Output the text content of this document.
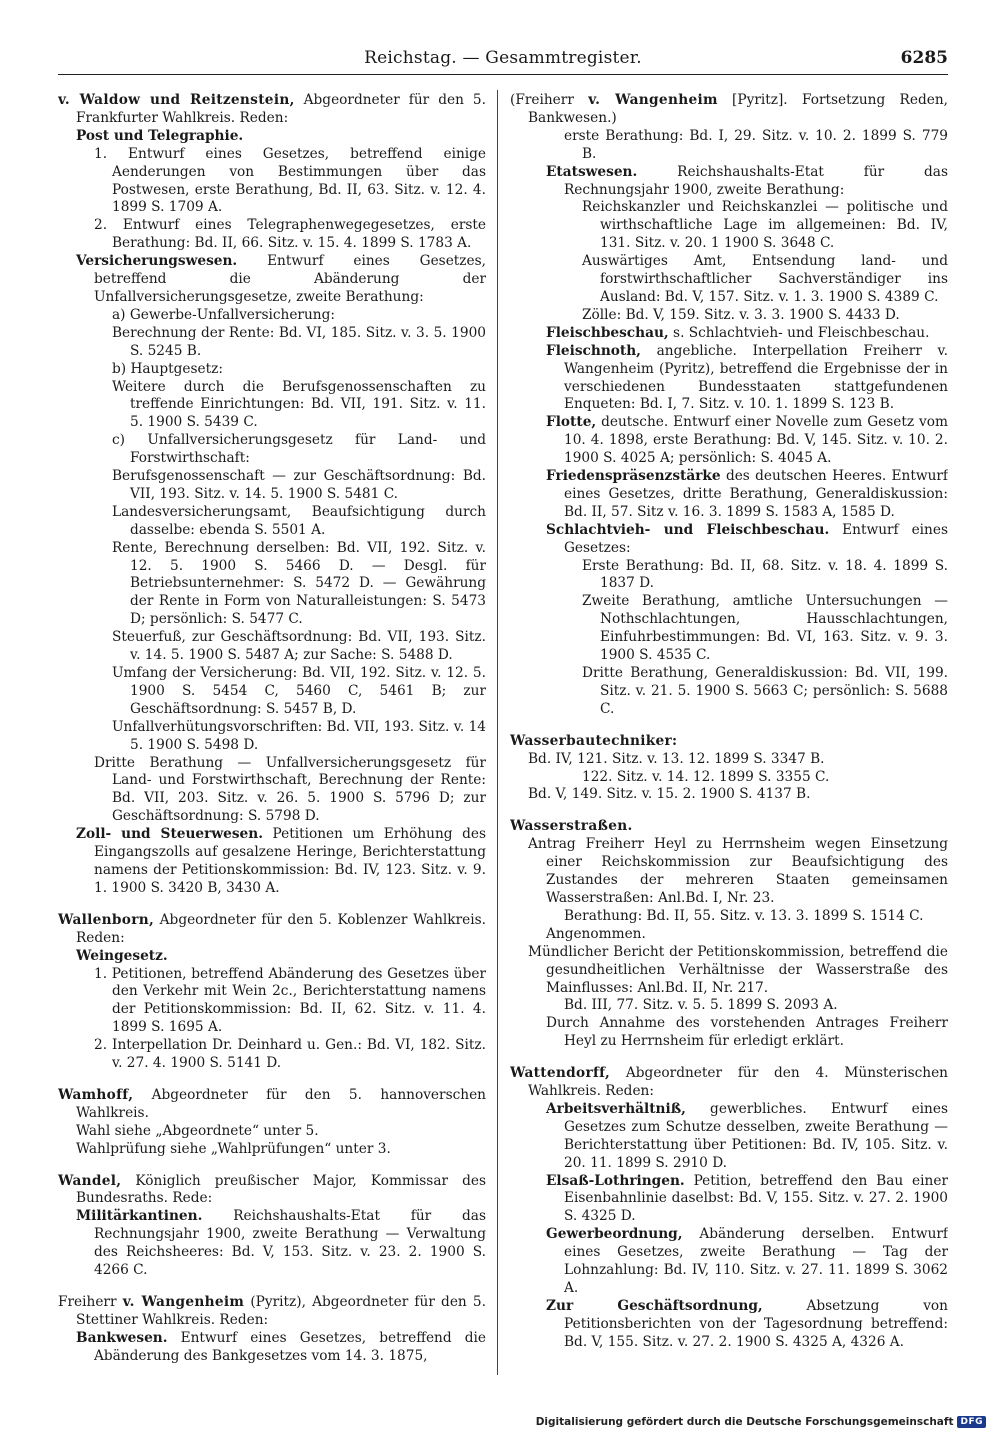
Reichstag. — Gesammtregister.	6285
v. Waldow und Reitzenstein, Abgeordneter für den 5. Frankfurter Wahlkreis. Reden:
Post und Telegraphie.
1. Entwurf eines Gesetzes, betreffend einige Aenderungen von Bestimmungen über das Postwesen, erste Berathung, Bd. II, 63. Sitz. v. 12. 4. 1899 S. 1709 A.
2. Entwurf eines Telegraphenwegegesetzes, erste Berathung: Bd. II, 66. Sitz. v. 15. 4. 1899 S. 1783 A.
Versicherungswesen. Entwurf eines Gesetzes, betreffend die Abänderung der Unfallversicherungsgesetze, zweite Berathung:
a) Gewerbe-Unfallversicherung:
Berechnung der Rente: Bd. VI, 185. Sitz. v. 3. 5. 1900 S. 5245 B.
b) Hauptgesetz:
Weitere durch die Berufsgenossenschaften zu treffende Einrichtungen: Bd. VII, 191. Sitz. v. 11. 5. 1900 S. 5439 C.
c) Unfallversicherungsgesetz für Land- und Forstwirthschaft:
Berufsgenossenschaft — zur Geschäftsordnung: Bd. VII, 193. Sitz. v. 14. 5. 1900 S. 5481 C.
Landesversicherungsamt, Beaufsichtigung durch dasselbe: ebenda S. 5501 A.
Rente, Berechnung derselben: Bd. VII, 192. Sitz. v. 12. 5. 1900 S. 5466 D. — Desgl. für Betriebsunternehmer: S. 5472 D. — Gewährung der Rente in Form von Naturalleistungen: S. 5473 D; persönlich: S. 5477 C.
Steuerfuß, zur Geschäftsordnung: Bd. VII, 193. Sitz. v. 14. 5. 1900 S. 5487 A; zur Sache: S. 5488 D.
Umfang der Versicherung: Bd. VII, 192. Sitz. v. 12. 5. 1900 S. 5454 C, 5460 C, 5461 B; zur Geschäftsordnung: S. 5457 B, D.
Unfallverhütungsvorschriften: Bd. VII, 193. Sitz. v. 14 5. 1900 S. 5498 D.
Dritte Berathung — Unfallversicherungsgesetz für Land- und Forstwirthschaft, Berechnung der Rente: Bd. VII, 203. Sitz. v. 26. 5. 1900 S. 5796 D; zur Geschäftsordnung: S. 5798 D.
Zoll- und Steuerwesen. Petitionen um Erhöhung des Eingangszolls auf gesalzene Heringe, Berichterstattung namens der Petitionskommission: Bd. IV, 123. Sitz. v. 9. 1. 1900 S. 3420 B, 3430 A.
Wallenborn, Abgeordneter für den 5. Koblenzer Wahlkreis. Reden:
Weingesetz.
1. Petitionen, betreffend Abänderung des Gesetzes über den Verkehr mit Wein 2c., Berichterstattung namens der Petitionskommission: Bd. II, 62. Sitz. v. 11. 4. 1899 S. 1695 A.
2. Interpellation Dr. Deinhard u. Gen.: Bd. VI, 182. Sitz. v. 27. 4. 1900 S. 5141 D.
Wamhoff, Abgeordneter für den 5. hannoverschen Wahlkreis.
Wahl siehe „Abgeordnete“ unter 5.
Wahlprüfung siehe „Wahlprüfungen“ unter 3.
Wandel, Königlich preußischer Major, Kommissar des Bundesraths. Rede:
Militärkantinen. Reichshaushalts-Etat für das Rechnungsjahr 1900, zweite Berathung — Verwaltung des Reichsheeres: Bd. V, 153. Sitz. v. 23. 2. 1900 S. 4266 C.
Freiherr v. Wangenheim (Pyritz), Abgeordneter für den 5. Stettiner Wahlkreis. Reden:
Bankwesen. Entwurf eines Gesetzes, betreffend die Abänderung des Bankgesetzes vom 14. 3. 1875,
(Freiherr v. Wangenheim [Pyritz]. Fortsetzung Reden, Bankwesen.)
erste Berathung: Bd. I, 29. Sitz. v. 10. 2. 1899 S. 779 B.
Etatswesen. Reichshaushalts-Etat für das Rechnungsjahr 1900, zweite Berathung:
Reichskanzler und Reichskanzlei — politische und wirthschaftliche Lage im allgemeinen: Bd. IV, 131. Sitz. v. 20. 1 1900 S. 3648 C.
Auswärtiges Amt, Entsendung land- und forstwirthschaftlicher Sachverständiger ins Ausland: Bd. V, 157. Sitz. v. 1. 3. 1900 S. 4389 C.
Zölle: Bd. V, 159. Sitz. v. 3. 3. 1900 S. 4433 D.
Fleischbeschau, s. Schlachtvieh- und Fleischbeschau.
Fleischnoth, angebliche. Interpellation Freiherr v. Wangenheim (Pyritz), betreffend die Ergebnisse der in verschiedenen Bundesstaaten stattgefundenen Enqueten: Bd. I, 7. Sitz. v. 10. 1. 1899 S. 123 B.
Flotte, deutsche. Entwurf einer Novelle zum Gesetz vom 10. 4. 1898, erste Berathung: Bd. V, 145. Sitz. v. 10. 2. 1900 S. 4025 A; persönlich: S. 4045 A.
Friedenspräsenzstärke des deutschen Heeres. Entwurf eines Gesetzes, dritte Berathung, Generaldiskussion: Bd. II, 57. Sitz v. 16. 3. 1899 S. 1583 A, 1585 D.
Schlachtvieh- und Fleischbeschau. Entwurf eines Gesetzes:
Erste Berathung: Bd. II, 68. Sitz. v. 18. 4. 1899 S. 1837 D.
Zweite Berathung, amtliche Untersuchungen — Nothschlachtungen, Hausschlachtungen, Einfuhrbestimmungen: Bd. VI, 163. Sitz. v. 9. 3. 1900 S. 4535 C.
Dritte Berathung, Generaldiskussion: Bd. VII, 199. Sitz. v. 21. 5. 1900 S. 5663 C; persönlich: S. 5688 C.
Wasserbautechniker:
Bd. IV, 121. Sitz. v. 13. 12. 1899 S. 3347 B.
122. Sitz. v. 14. 12. 1899 S. 3355 C.
Bd. V, 149. Sitz. v. 15. 2. 1900 S. 4137 B.
Wasserstraßen.
Antrag Freiherr Heyl zu Herrnsheim wegen Einsetzung einer Reichskommission zur Beaufsichtigung des Zustandes der mehreren Staaten gemeinsamen Wasserstraßen: Anl.Bd. I, Nr. 23.
Berathung: Bd. II, 55. Sitz. v. 13. 3. 1899 S. 1514 C.
Angenommen.
Mündlicher Bericht der Petitionskommission, betreffend die gesundheitlichen Verhältnisse der Wasserstraße des Mainflusses: Anl.Bd. II, Nr. 217.
Bd. III, 77. Sitz. v. 5. 5. 1899 S. 2093 A.
Durch Annahme des vorstehenden Antrages Freiherr Heyl zu Herrnsheim für erledigt erklärt.
Wattendorff, Abgeordneter für den 4. Münsterischen Wahlkreis. Reden:
Arbeitsverhältniß, gewerbliches. Entwurf eines Gesetzes zum Schutze desselben, zweite Berathung — Berichterstattung über Petitionen: Bd. IV, 105. Sitz. v. 20. 11. 1899 S. 2910 D.
Elsaß-Lothringen. Petition, betreffend den Bau einer Eisenbahnlinie daselbst: Bd. V, 155. Sitz. v. 27. 2. 1900 S. 4325 D.
Gewerbeordnung, Abänderung derselben. Entwurf eines Gesetzes, zweite Berathung — Tag der Lohnzahlung: Bd. IV, 110. Sitz. v. 27. 11. 1899 S. 3062 A.
Zur Geschäftsordnung, Absetzung von Petitionsberichten von der Tagesordnung betreffend: Bd. V, 155. Sitz. v. 27. 2. 1900 S. 4325 A, 4326 A.
Digitalisierung gefördert durch die Deutsche Forschungsgemeinschaft DFG
